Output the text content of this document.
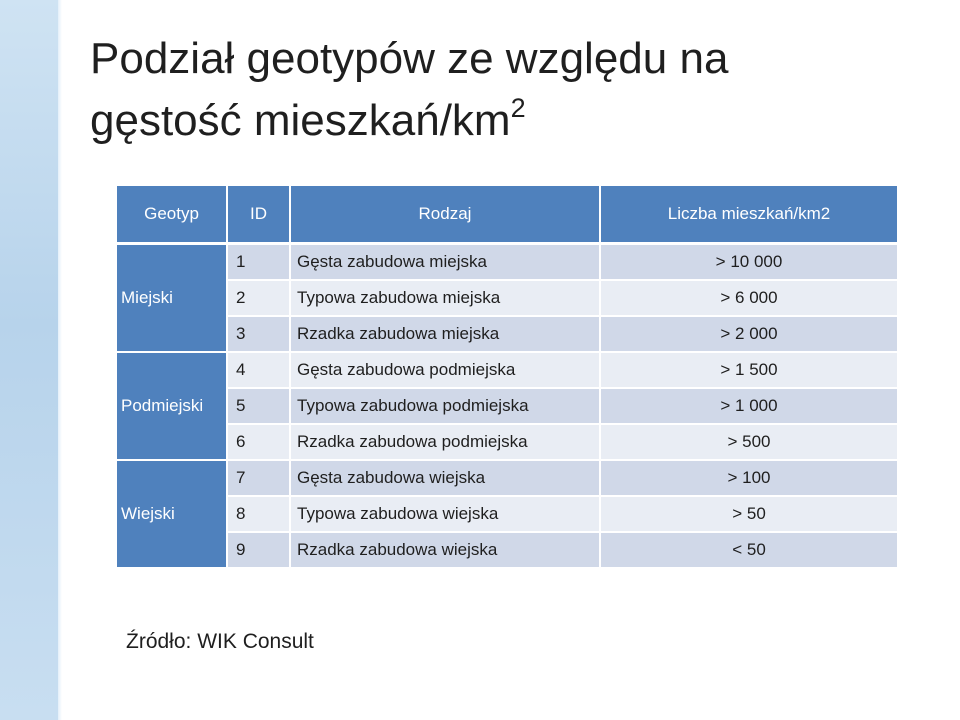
Podział geotypów ze względu na
gęstość mieszkań/$km^2$
Geotyp	ID	Rodzaj	Liczba mieszkań/km2
Miejski	1	Gęsta zabudowa miejska	> 10 000
	2	Typowa zabudowa miejska	> 6 000
	3	Rzadka zabudowa miejska	> 2 000
Podmiejski	4	Gęsta zabudowa podmiejska	> 1 500
	5	Typowa zabudowa podmiejska	> 1 000
	6	Rzadka zabudowa podmiejska	> 500
Wiejski	7	Gęsta zabudowa wiejska	> 100
	8	Typowa zabudowa wiejska	> 50
	9	Rzadka zabudowa wiejska	< 50
Źródło: WIK Consult
